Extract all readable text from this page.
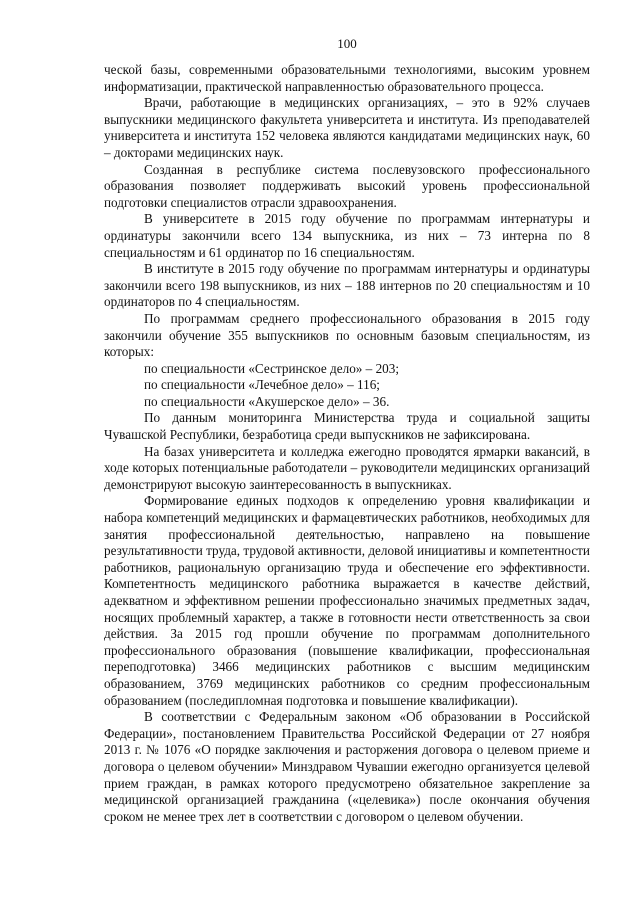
100

ческой базы, современными образовательными технологиями, высоким уровнем информатизации, практической направленностью образовательного процесса.

Врачи, работающие в медицинских организациях, – это в 92% случаев выпускники медицинского факультета университета и института. Из преподавателей университета и института 152 человека являются кандидатами медицинских наук, 60 – докторами медицинских наук.

Созданная в республике система послевузовского профессионального образования позволяет поддерживать высокий уровень профессиональной подготовки специалистов отрасли здравоохранения.

В университете в 2015 году обучение по программам интернатуры и ординатуры закончили всего 134 выпускника, из них – 73 интерна по 8 специальностям и 61 ординатор по 16 специальностям.

В институте в 2015 году обучение по программам интернатуры и ординатуры закончили всего 198 выпускников, из них – 188 интернов по 20 специальностям и 10 ординаторов по 4 специальностям.

По программам среднего профессионального образования в 2015 году закончили обучение 355 выпускников по основным базовым специальностям, из которых:

по специальности «Сестринское дело» – 203;

по специальности «Лечебное дело» – 116;

по специальности «Акушерское дело» – 36.

По данным мониторинга Министерства труда и социальной защиты Чувашской Республики, безработица среди выпускников не зафиксирована.

На базах университета и колледжа ежегодно проводятся ярмарки вакансий, в ходе которых потенциальные работодатели – руководители медицинских организаций демонстрируют высокую заинтересованность в выпускниках.

Формирование единых подходов к определению уровня квалификации и набора компетенций медицинских и фармацевтических работников, необходимых для занятия профессиональной деятельностью, направлено на повышение результативности труда, трудовой активности, деловой инициативы и компетентности работников, рациональную организацию труда и обеспечение его эффективности. Компетентность медицинского работника выражается в качестве действий, адекватном и эффективном решении профессионально значимых предметных задач, носящих проблемный характер, а также в готовности нести ответственность за свои действия. За 2015 год прошли обучение по программам дополнительного профессионального образования (повышение квалификации, профессиональная переподготовка) 3466 медицинских работников с высшим медицинским образованием, 3769 медицинских работников со средним профессиональным образованием (последипломная подготовка и повышение квалификации).

В соответствии с Федеральным законом «Об образовании в Российской Федерации», постановлением Правительства Российской Федерации от 27 ноября 2013 г. № 1076 «О порядке заключения и расторжения договора о целевом приеме и договора о целевом обучении» Минздравом Чувашии ежегодно организуется целевой прием граждан, в рамках которого предусмотрено обязательное закрепление за медицинской организацией гражданина («целевика») после окончания обучения сроком не менее трех лет в соответствии с договором о целевом обучении.
